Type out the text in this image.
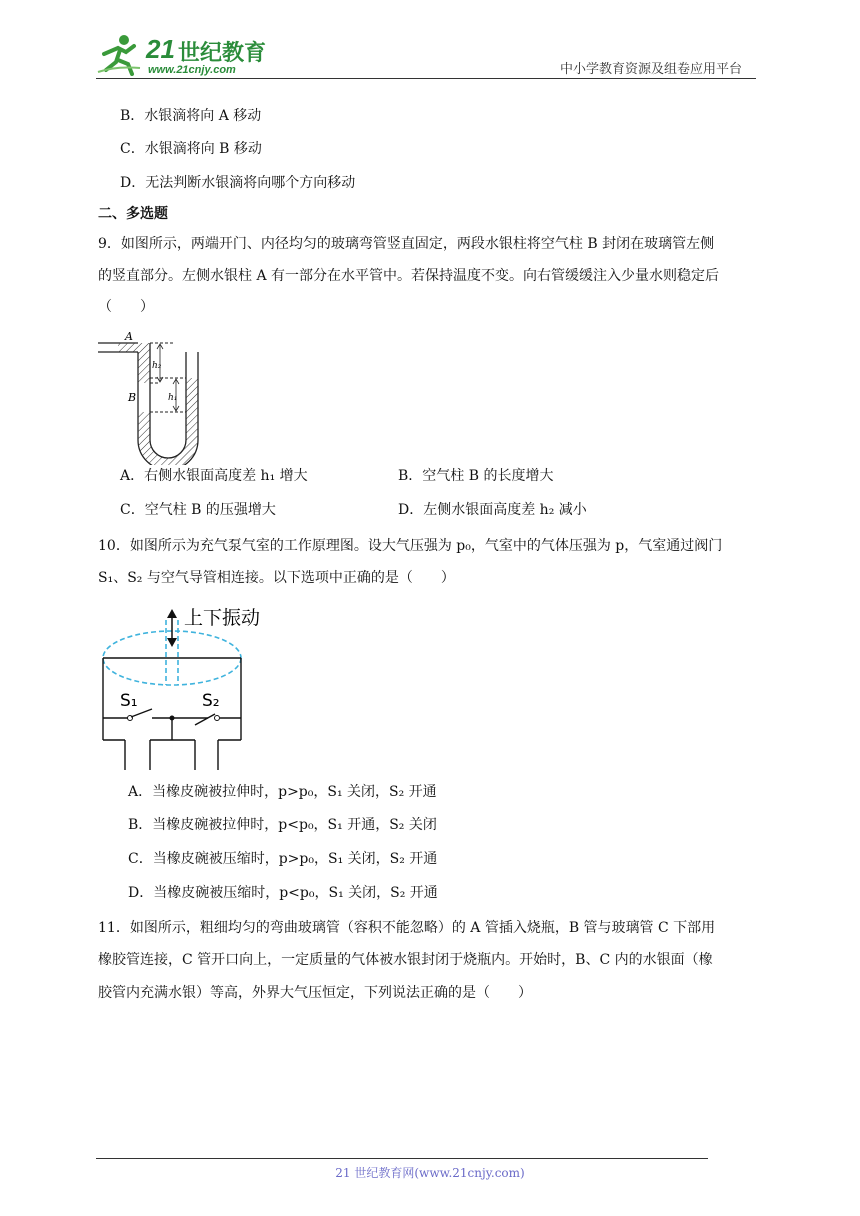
21 世纪教育
www.21cnjy.com	中小学教育资源及组卷应用平台
B．水银滴将向 A 移动
C．水银滴将向 B 移动
D．无法判断水银滴将向哪个方向移动
二、多选题
9．如图所示，两端开门、内径均匀的玻璃弯管竖直固定，两段水银柱将空气柱 B 封闭在玻璃管左侧
的竖直部分。左侧水银柱 A 有一部分在水平管中。若保持温度不变。向右管缓缓注入少量水则稳定后
（　　）
A
B
h₂
h₁
A．右侧水银面高度差 h₁ 增大	B．空气柱 B 的长度增大
C．空气柱 B 的压强增大	D．左侧水银面高度差 h₂ 减小
10．如图所示为充气泵气室的工作原理图。设大气压强为 p₀，气室中的气体压强为 p，气室通过阀门
S₁、S₂ 与空气导管相连接。以下选项中正确的是（　　）
上下振动
S₁	S₂
A．当橡皮碗被拉伸时，p>p₀，S₁ 关闭，S₂ 开通
B．当橡皮碗被拉伸时，p<p₀，S₁ 开通，S₂ 关闭
C．当橡皮碗被压缩时，p>p₀，S₁ 关闭，S₂ 开通
D．当橡皮碗被压缩时，p<p₀，S₁ 关闭，S₂ 开通
11．如图所示，粗细均匀的弯曲玻璃管（容积不能忽略）的 A 管插入烧瓶，B 管与玻璃管 C 下部用
橡胶管连接，C 管开口向上，一定质量的气体被水银封闭于烧瓶内。开始时，B、C 内的水银面（橡
胶管内充满水银）等高，外界大气压恒定，下列说法正确的是（　　）
21 世纪教育网(www.21cnjy.com)
